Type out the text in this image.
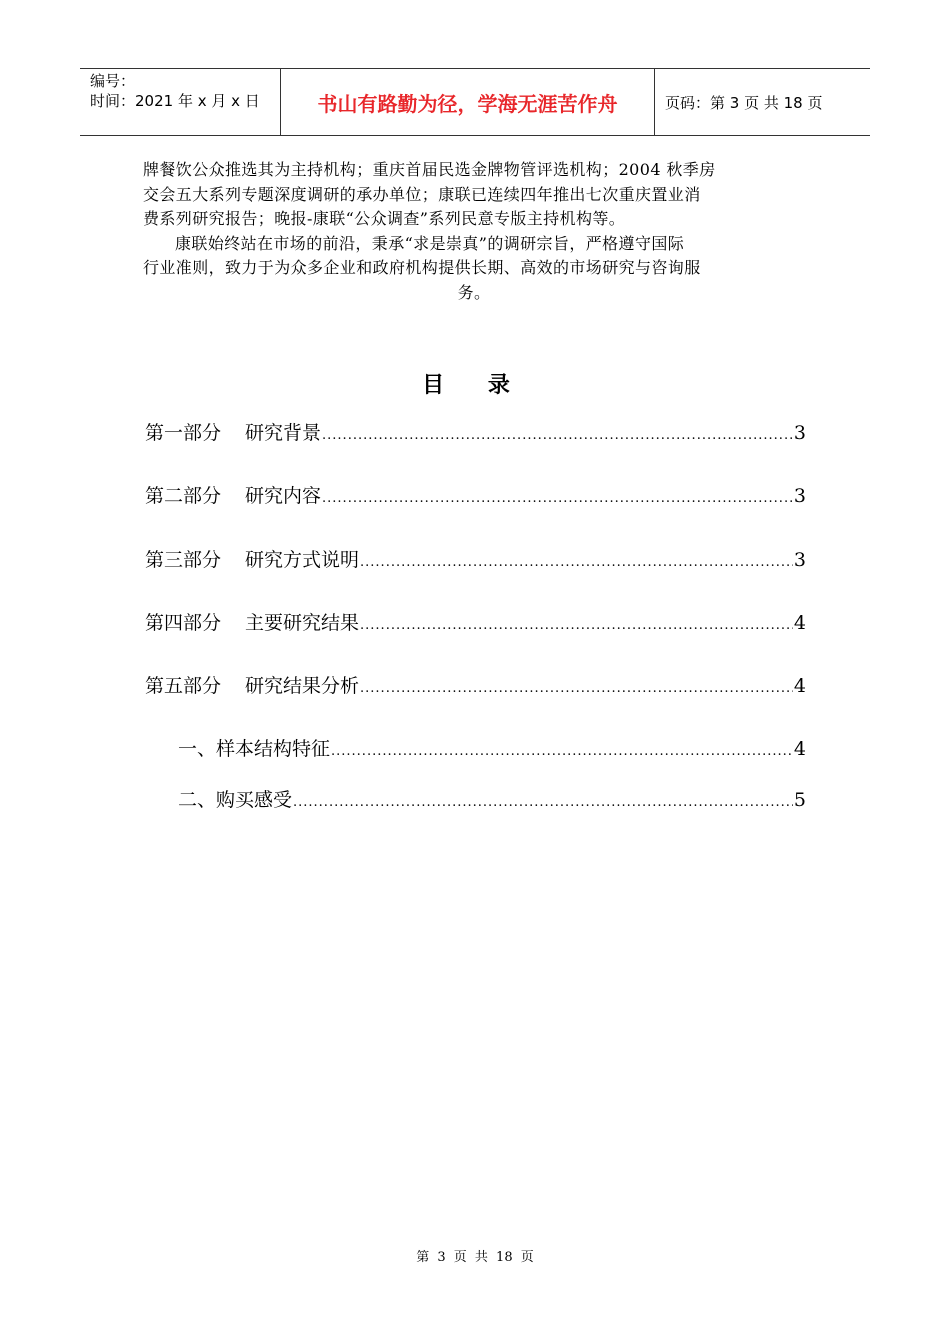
编号：
时间：2021 年 x 月 x 日	书山有路勤为径，学海无涯苦作舟	页码：第 3 页 共 18 页

牌餐饮公众推选其为主持机构；重庆首届民选金牌物管评选机构；2004 秋季房

交会五大系列专题深度调研的承办单位；康联已连续四年推出七次重庆置业消

费系列研究报告；晚报-康联“公众调查”系列民意专版主持机构等。

康联始终站在市场的前沿，秉承“求是崇真”的调研宗旨，严格遵守国际

行业准则，致力于为众多企业和政府机构提供长期、高效的市场研究与咨询服

务。

目 录
第一部分 研究背景 .....	3
第二部分 研究内容 .....	3
第三部分 研究方式说明 .....	3
第四部分 主要研究结果 .....	4
第五部分 研究结果分析 .....	4
一、样本结构特征 .....	4
二、购买感受 .....	5
第 3 页 共 18 页
